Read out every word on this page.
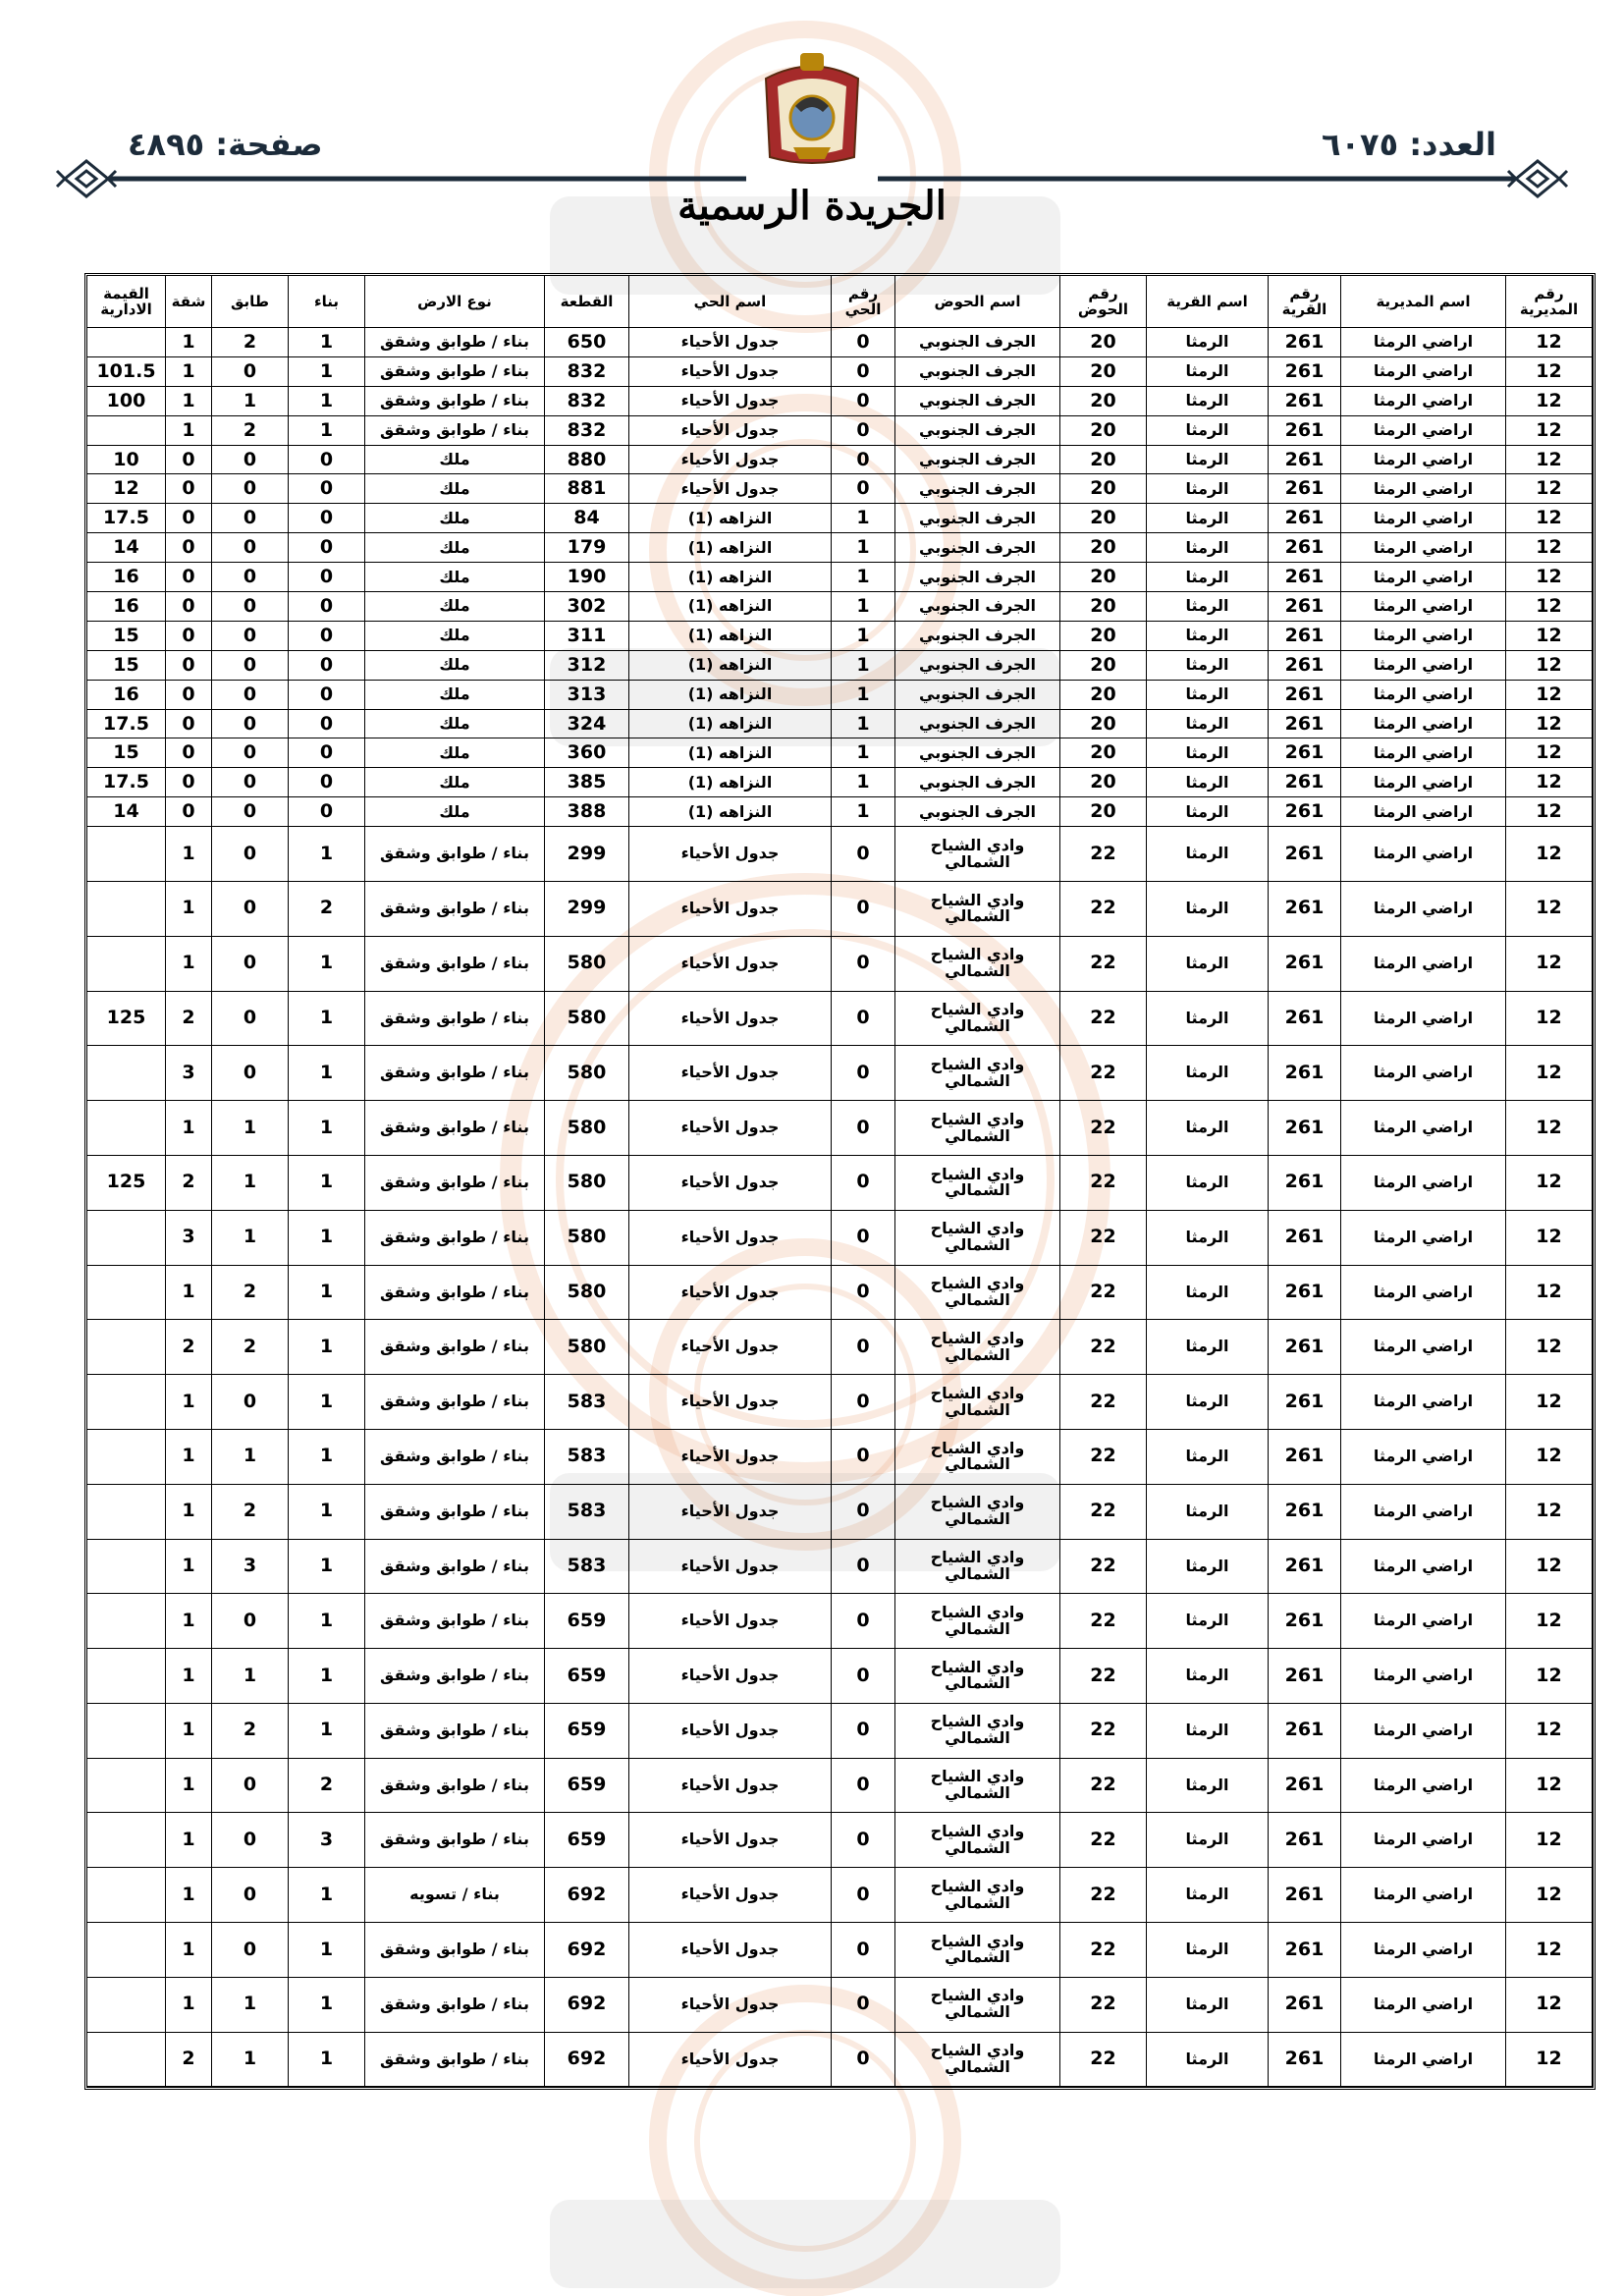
العدد: ٦٠٧٥
صفحة: ٤٨٩٥
الجريدة الرسمية
رقم المديرية	اسم المديرية	رقم القرية	اسم القرية	رقم الحوض	اسم الحوض	رقم الحي	اسم الحي	القطعة	نوع الارض	بناء	طابق	شقة	القيمة الادارية
12	اراضي الرمثا	261	الرمثا	20	الجرف الجنوبي	0	جدول الأحياء	650	بناء / طوابق وشقق	1	2	1	
12	اراضي الرمثا	261	الرمثا	20	الجرف الجنوبي	0	جدول الأحياء	832	بناء / طوابق وشقق	1	0	1	101.5
12	اراضي الرمثا	261	الرمثا	20	الجرف الجنوبي	0	جدول الأحياء	832	بناء / طوابق وشقق	1	1	1	100
12	اراضي الرمثا	261	الرمثا	20	الجرف الجنوبي	0	جدول الأحياء	832	بناء / طوابق وشقق	1	2	1	
12	اراضي الرمثا	261	الرمثا	20	الجرف الجنوبي	0	جدول الأحياء	880	ملك	0	0	0	10
12	اراضي الرمثا	261	الرمثا	20	الجرف الجنوبي	0	جدول الأحياء	881	ملك	0	0	0	12
12	اراضي الرمثا	261	الرمثا	20	الجرف الجنوبي	1	النزاهه (1)	84	ملك	0	0	0	17.5
12	اراضي الرمثا	261	الرمثا	20	الجرف الجنوبي	1	النزاهه (1)	179	ملك	0	0	0	14
12	اراضي الرمثا	261	الرمثا	20	الجرف الجنوبي	1	النزاهه (1)	190	ملك	0	0	0	16
12	اراضي الرمثا	261	الرمثا	20	الجرف الجنوبي	1	النزاهه (1)	302	ملك	0	0	0	16
12	اراضي الرمثا	261	الرمثا	20	الجرف الجنوبي	1	النزاهه (1)	311	ملك	0	0	0	15
12	اراضي الرمثا	261	الرمثا	20	الجرف الجنوبي	1	النزاهه (1)	312	ملك	0	0	0	15
12	اراضي الرمثا	261	الرمثا	20	الجرف الجنوبي	1	النزاهه (1)	313	ملك	0	0	0	16
12	اراضي الرمثا	261	الرمثا	20	الجرف الجنوبي	1	النزاهه (1)	324	ملك	0	0	0	17.5
12	اراضي الرمثا	261	الرمثا	20	الجرف الجنوبي	1	النزاهه (1)	360	ملك	0	0	0	15
12	اراضي الرمثا	261	الرمثا	20	الجرف الجنوبي	1	النزاهه (1)	385	ملك	0	0	0	17.5
12	اراضي الرمثا	261	الرمثا	20	الجرف الجنوبي	1	النزاهه (1)	388	ملك	0	0	0	14
12	اراضي الرمثا	261	الرمثا	22	وادي الشياح الشمالي	0	جدول الأحياء	299	بناء / طوابق وشقق	1	0	1	
12	اراضي الرمثا	261	الرمثا	22	وادي الشياح الشمالي	0	جدول الأحياء	299	بناء / طوابق وشقق	2	0	1	
12	اراضي الرمثا	261	الرمثا	22	وادي الشياح الشمالي	0	جدول الأحياء	580	بناء / طوابق وشقق	1	0	1	
12	اراضي الرمثا	261	الرمثا	22	وادي الشياح الشمالي	0	جدول الأحياء	580	بناء / طوابق وشقق	1	0	2	125
12	اراضي الرمثا	261	الرمثا	22	وادي الشياح الشمالي	0	جدول الأحياء	580	بناء / طوابق وشقق	1	0	3	
12	اراضي الرمثا	261	الرمثا	22	وادي الشياح الشمالي	0	جدول الأحياء	580	بناء / طوابق وشقق	1	1	1	
12	اراضي الرمثا	261	الرمثا	22	وادي الشياح الشمالي	0	جدول الأحياء	580	بناء / طوابق وشقق	1	1	2	125
12	اراضي الرمثا	261	الرمثا	22	وادي الشياح الشمالي	0	جدول الأحياء	580	بناء / طوابق وشقق	1	1	3	
12	اراضي الرمثا	261	الرمثا	22	وادي الشياح الشمالي	0	جدول الأحياء	580	بناء / طوابق وشقق	1	2	1	
12	اراضي الرمثا	261	الرمثا	22	وادي الشياح الشمالي	0	جدول الأحياء	580	بناء / طوابق وشقق	1	2	2	
12	اراضي الرمثا	261	الرمثا	22	وادي الشياح الشمالي	0	جدول الأحياء	583	بناء / طوابق وشقق	1	0	1	
12	اراضي الرمثا	261	الرمثا	22	وادي الشياح الشمالي	0	جدول الأحياء	583	بناء / طوابق وشقق	1	1	1	
12	اراضي الرمثا	261	الرمثا	22	وادي الشياح الشمالي	0	جدول الأحياء	583	بناء / طوابق وشقق	1	2	1	
12	اراضي الرمثا	261	الرمثا	22	وادي الشياح الشمالي	0	جدول الأحياء	583	بناء / طوابق وشقق	1	3	1	
12	اراضي الرمثا	261	الرمثا	22	وادي الشياح الشمالي	0	جدول الأحياء	659	بناء / طوابق وشقق	1	0	1	
12	اراضي الرمثا	261	الرمثا	22	وادي الشياح الشمالي	0	جدول الأحياء	659	بناء / طوابق وشقق	1	1	1	
12	اراضي الرمثا	261	الرمثا	22	وادي الشياح الشمالي	0	جدول الأحياء	659	بناء / طوابق وشقق	1	2	1	
12	اراضي الرمثا	261	الرمثا	22	وادي الشياح الشمالي	0	جدول الأحياء	659	بناء / طوابق وشقق	2	0	1	
12	اراضي الرمثا	261	الرمثا	22	وادي الشياح الشمالي	0	جدول الأحياء	659	بناء / طوابق وشقق	3	0	1	
12	اراضي الرمثا	261	الرمثا	22	وادي الشياح الشمالي	0	جدول الأحياء	692	بناء / تسويه	1	0	1	
12	اراضي الرمثا	261	الرمثا	22	وادي الشياح الشمالي	0	جدول الأحياء	692	بناء / طوابق وشقق	1	0	1	
12	اراضي الرمثا	261	الرمثا	22	وادي الشياح الشمالي	0	جدول الأحياء	692	بناء / طوابق وشقق	1	1	1	
12	اراضي الرمثا	261	الرمثا	22	وادي الشياح الشمالي	0	جدول الأحياء	692	بناء / طوابق وشقق	1	1	2	
